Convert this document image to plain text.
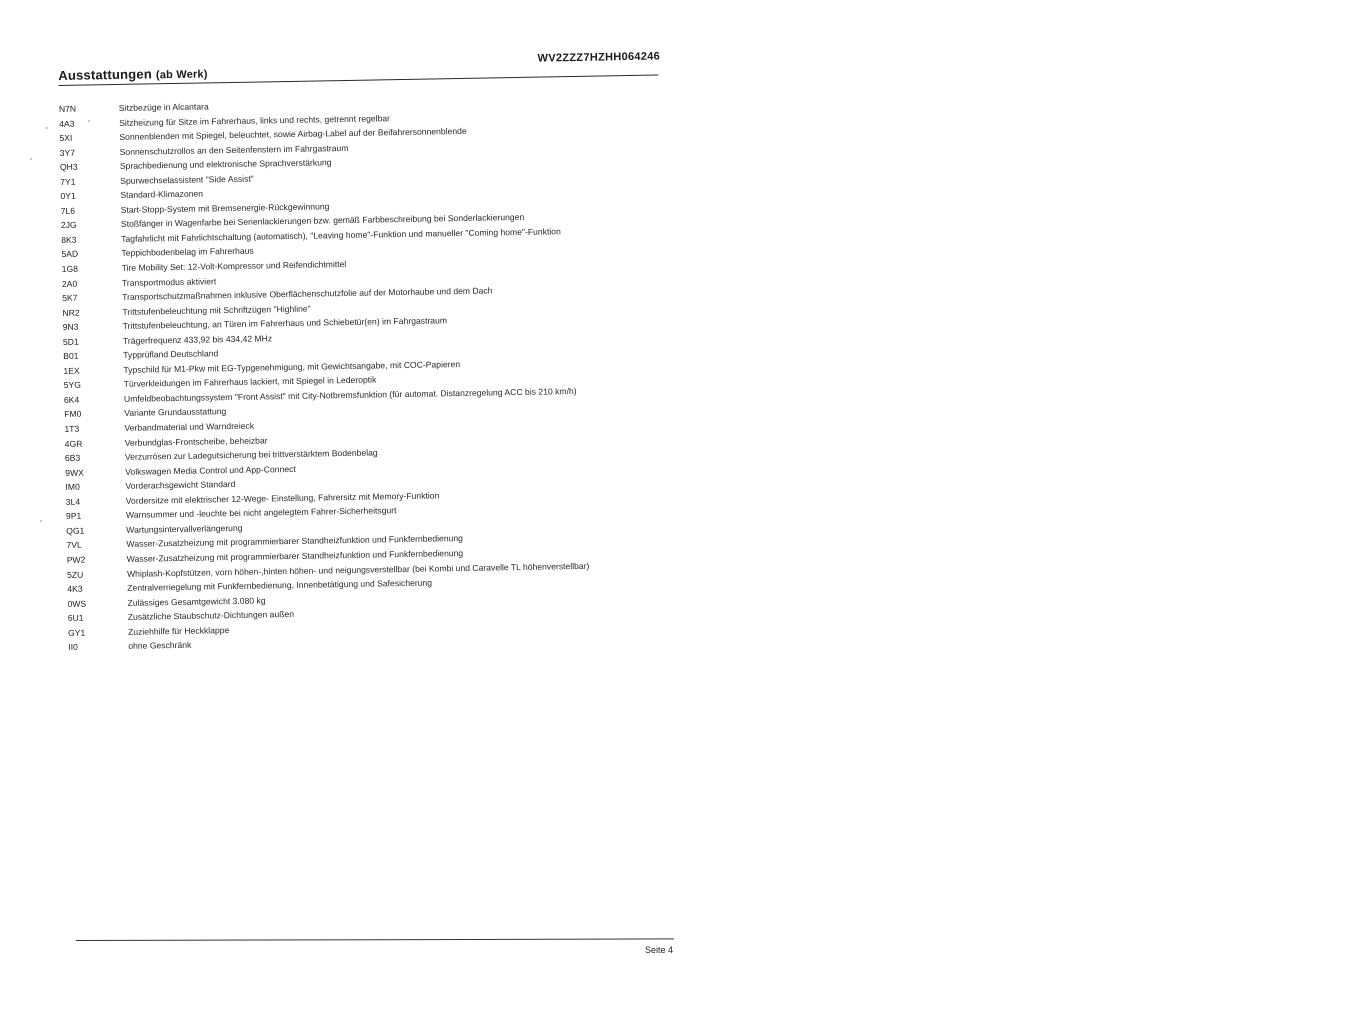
Ausstattungen (ab Werk)
WV2ZZZ7HZHH064246
N7N	Sitzbezüge in Alcantara
4A3	Sitzheizung für Sitze im Fahrerhaus, links und rechts, getrennt regelbar
5XI	Sonnenblenden mit Spiegel, beleuchtet, sowie Airbag-Label auf der Beifahrersonnenblende
3Y7	Sonnenschutzrollos an den Seitenfenstern im Fahrgastraum
QH3	Sprachbedienung und elektronische Sprachverstärkung
7Y1	Spurwechselassistent "Side Assist"
0Y1	Standard-Klimazonen
7L6	Start-Stopp-System mit Bremsenergie-Rückgewinnung
2JG	Stoßfänger in Wagenfarbe bei Serienlackierungen bzw. gemäß Farbbeschreibung bei Sonderlackierungen
8K3	Tagfahrlicht mit Fahrlichtschaltung (automatisch), "Leaving home"-Funktion und manueller "Coming home"-Funktion
5AD	Teppichbodenbelag im Fahrerhaus
1G8	Tire Mobility Set: 12-Volt-Kompressor und Reifendichtmittel
2A0	Transportmodus aktiviert
5K7	Transportschutzmaßnahmen inklusive Oberflächenschutzfolie auf der Motorhaube und dem Dach
NR2	Trittstufenbeleuchtung mit Schriftzügen "Highline"
9N3	Trittstufenbeleuchtung, an Türen im Fahrerhaus und Schiebetür(en) im Fahrgastraum
5D1	Trägerfrequenz 433,92 bis 434,42 MHz
B01	Typprüfland Deutschland
1EX	Typschild für M1-Pkw mit EG-Typgenehmigung, mit Gewichtsangabe, mit COC-Papieren
5YG	Türverkleidungen im Fahrerhaus lackiert, mit Spiegel in Lederoptik
6K4	Umfeldbeobachtungssystem "Front Assist" mit City-Notbremsfunktion (für automat. Distanzregelung ACC bis 210 km/h)
FM0	Variante Grundausstattung
1T3	Verbandmaterial und Warndreieck
4GR	Verbundglas-Frontscheibe, beheizbar
6B3	Verzurrösen zur Ladegutsicherung bei trittverstärktem Bodenbelag
9WX	Volkswagen Media Control und App-Connect
IM0	Vorderachsgewicht Standard
3L4	Vordersitze mit elektrischer 12-Wege- Einstellung, Fahrersitz mit Memory-Funktion
9P1	Warnsummer und -leuchte bei nicht angelegtem Fahrer-Sicherheitsgurt
QG1	Wartungsintervallverlängerung
7VL	Wasser-Zusatzheizung mit programmierbarer Standheizfunktion und Funkfernbedienung
PW2	Wasser-Zusatzheizung mit programmierbarer Standheizfunktion und Funkfernbedienung
5ZU	Whiplash-Kopfstützen, vorn höhen-,hinten höhen- und neigungsverstellbar (bei Kombi und Caravelle TL höhenverstellbar)
4K3	Zentralverriegelung mit Funkfernbedienung, Innenbetätigung und Safesicherung
0WS	Zulässiges Gesamtgewicht 3.080 kg
6U1	Zusätzliche Staubschutz-Dichtungen außen
GY1	Zuziehhilfe für Heckklappe
II0	ohne Geschränk
Seite 4
